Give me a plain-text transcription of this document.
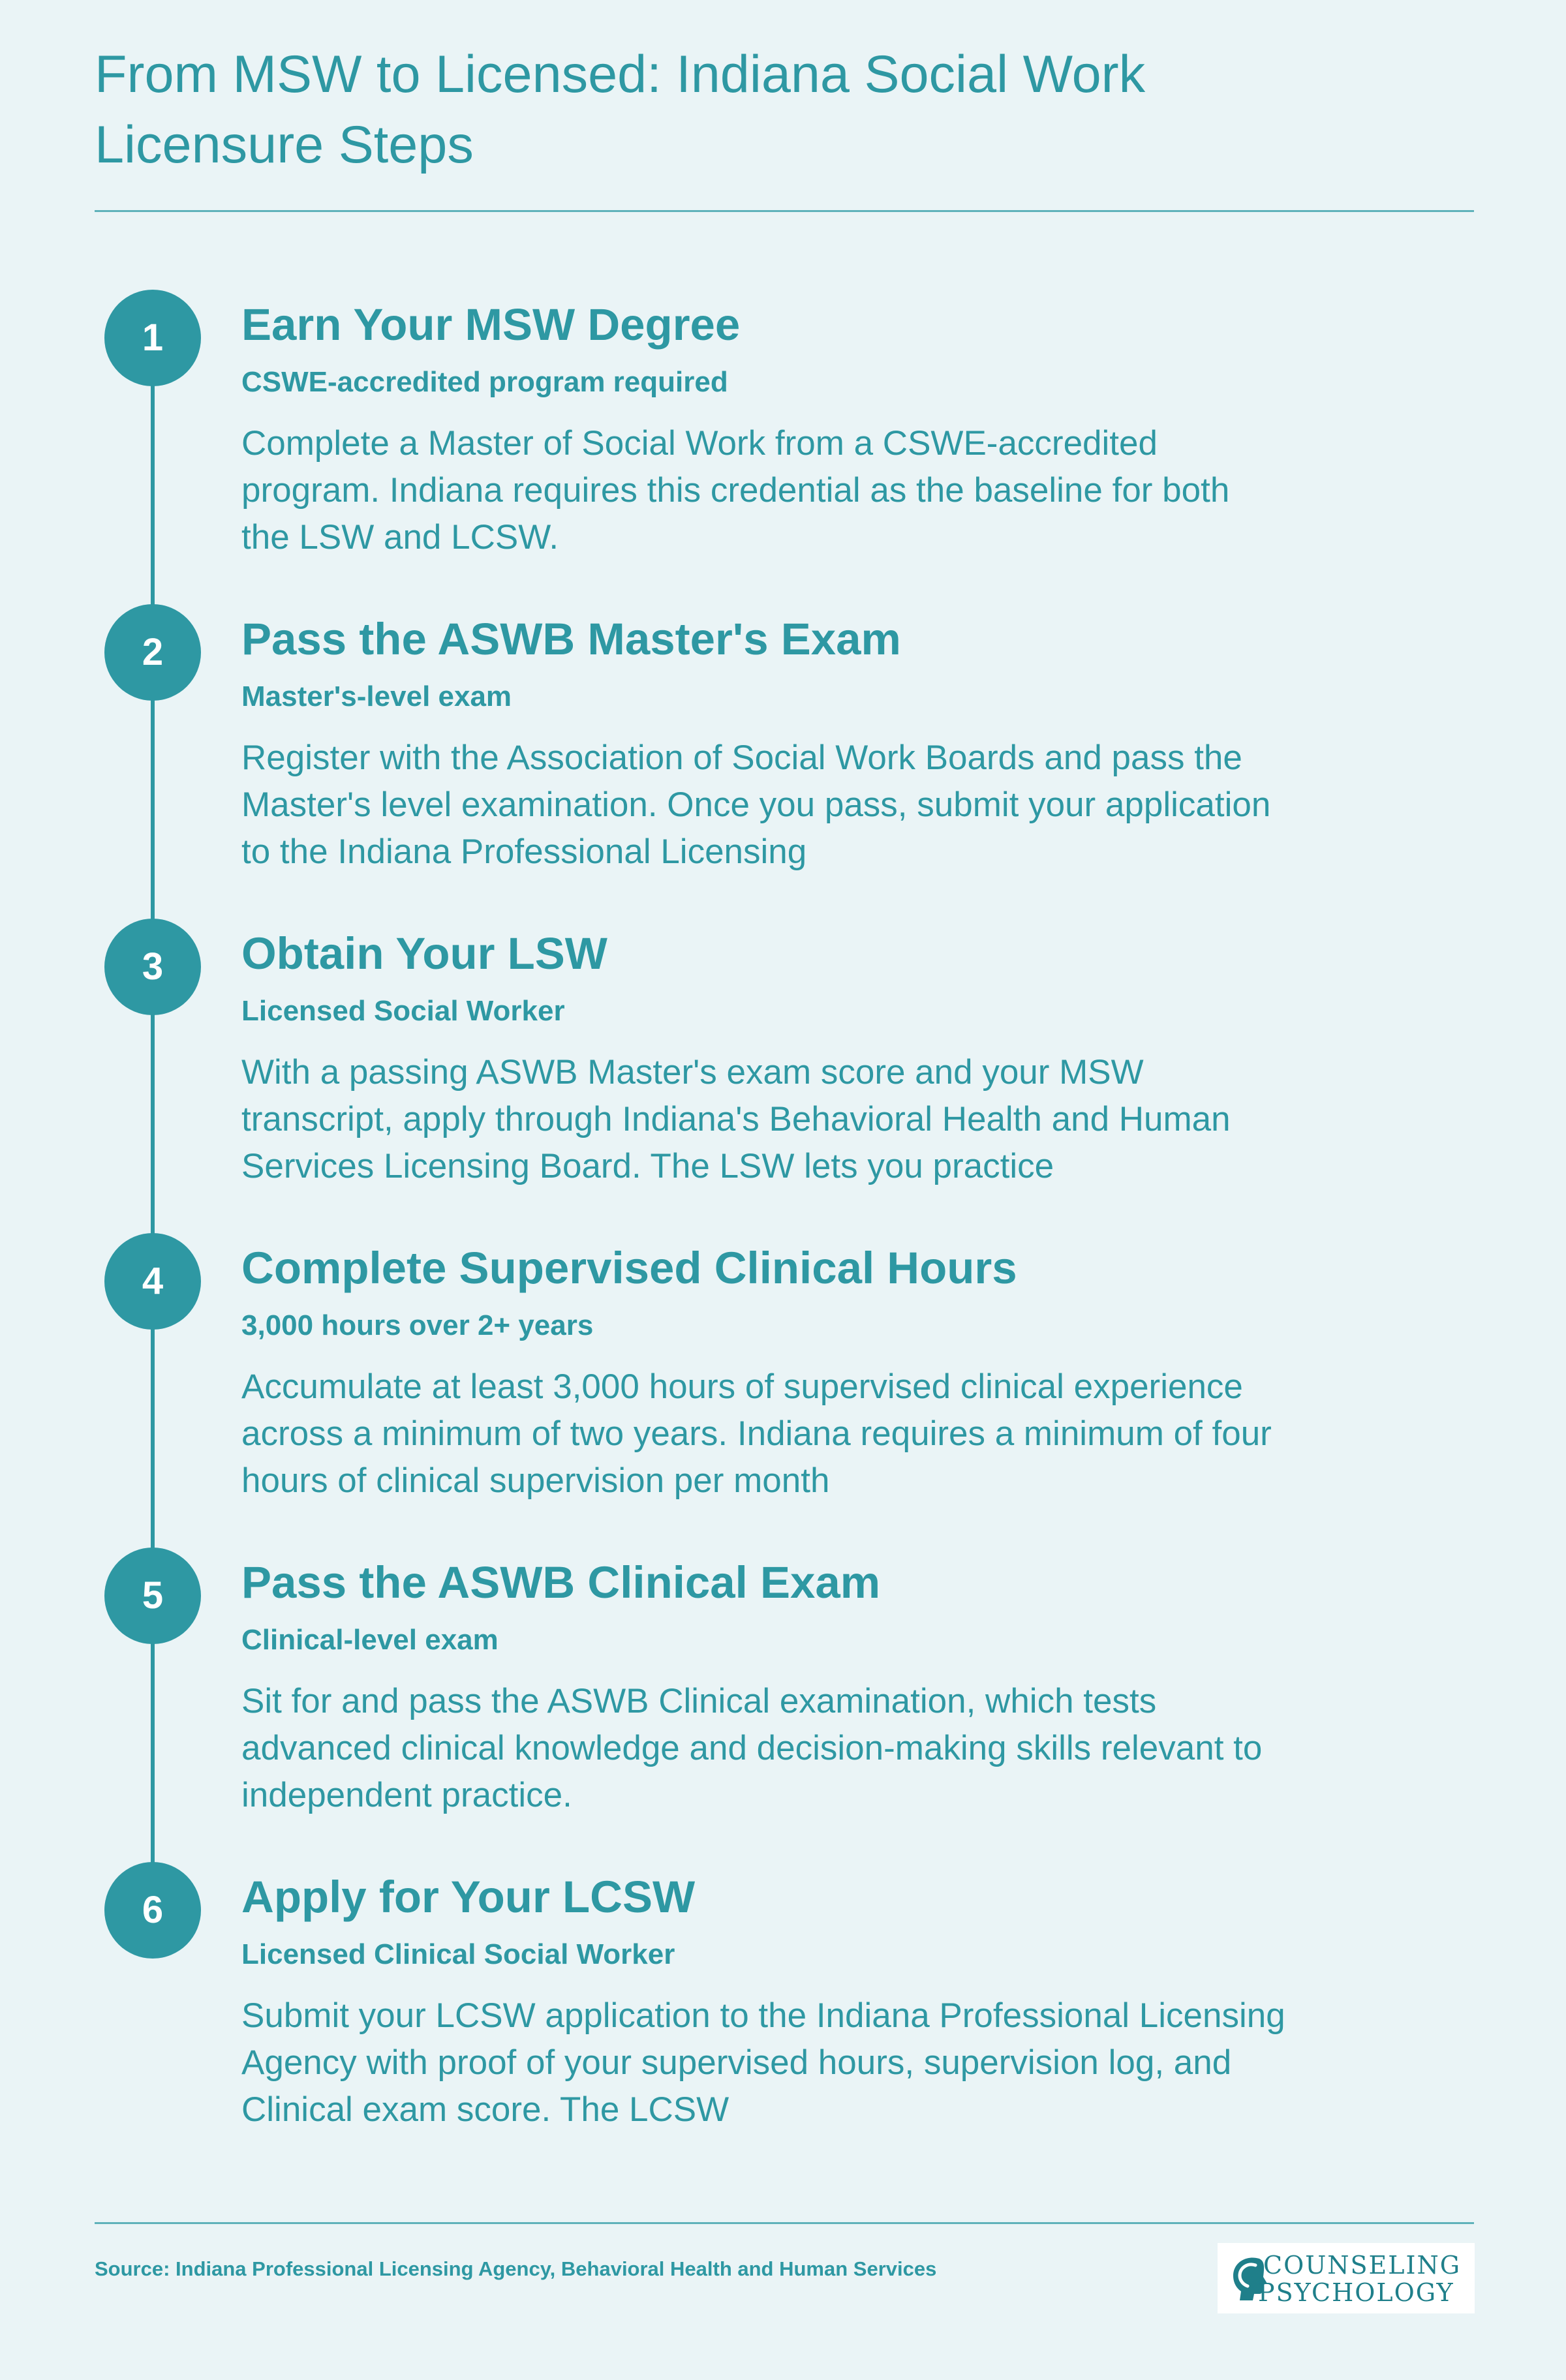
From MSW to Licensed: Indiana Social Work Licensure Steps
1	Earn Your MSW Degree
CSWE-accredited program required
Complete a Master of Social Work from a CSWE-accredited program. Indiana requires this credential as the baseline for both the LSW and LCSW.
2	Pass the ASWB Master's Exam
Master's-level exam
Register with the Association of Social Work Boards and pass the Master's level examination. Once you pass, submit your application to the Indiana Professional Licensing
3	Obtain Your LSW
Licensed Social Worker
With a passing ASWB Master's exam score and your MSW transcript, apply through Indiana's Behavioral Health and Human Services Licensing Board. The LSW lets you practice
4	Complete Supervised Clinical Hours
3,000 hours over 2+ years
Accumulate at least 3,000 hours of supervised clinical experience across a minimum of two years. Indiana requires a minimum of four hours of clinical supervision per month
5	Pass the ASWB Clinical Exam
Clinical-level exam
Sit for and pass the ASWB Clinical examination, which tests advanced clinical knowledge and decision-making skills relevant to independent practice.
6	Apply for Your LCSW
Licensed Clinical Social Worker
Submit your LCSW application to the Indiana Professional Licensing Agency with proof of your supervised hours, supervision log, and Clinical exam score. The LCSW
Source: Indiana Professional Licensing Agency, Behavioral Health and Human Services	COUNSELING
PSYCHOLOGY
